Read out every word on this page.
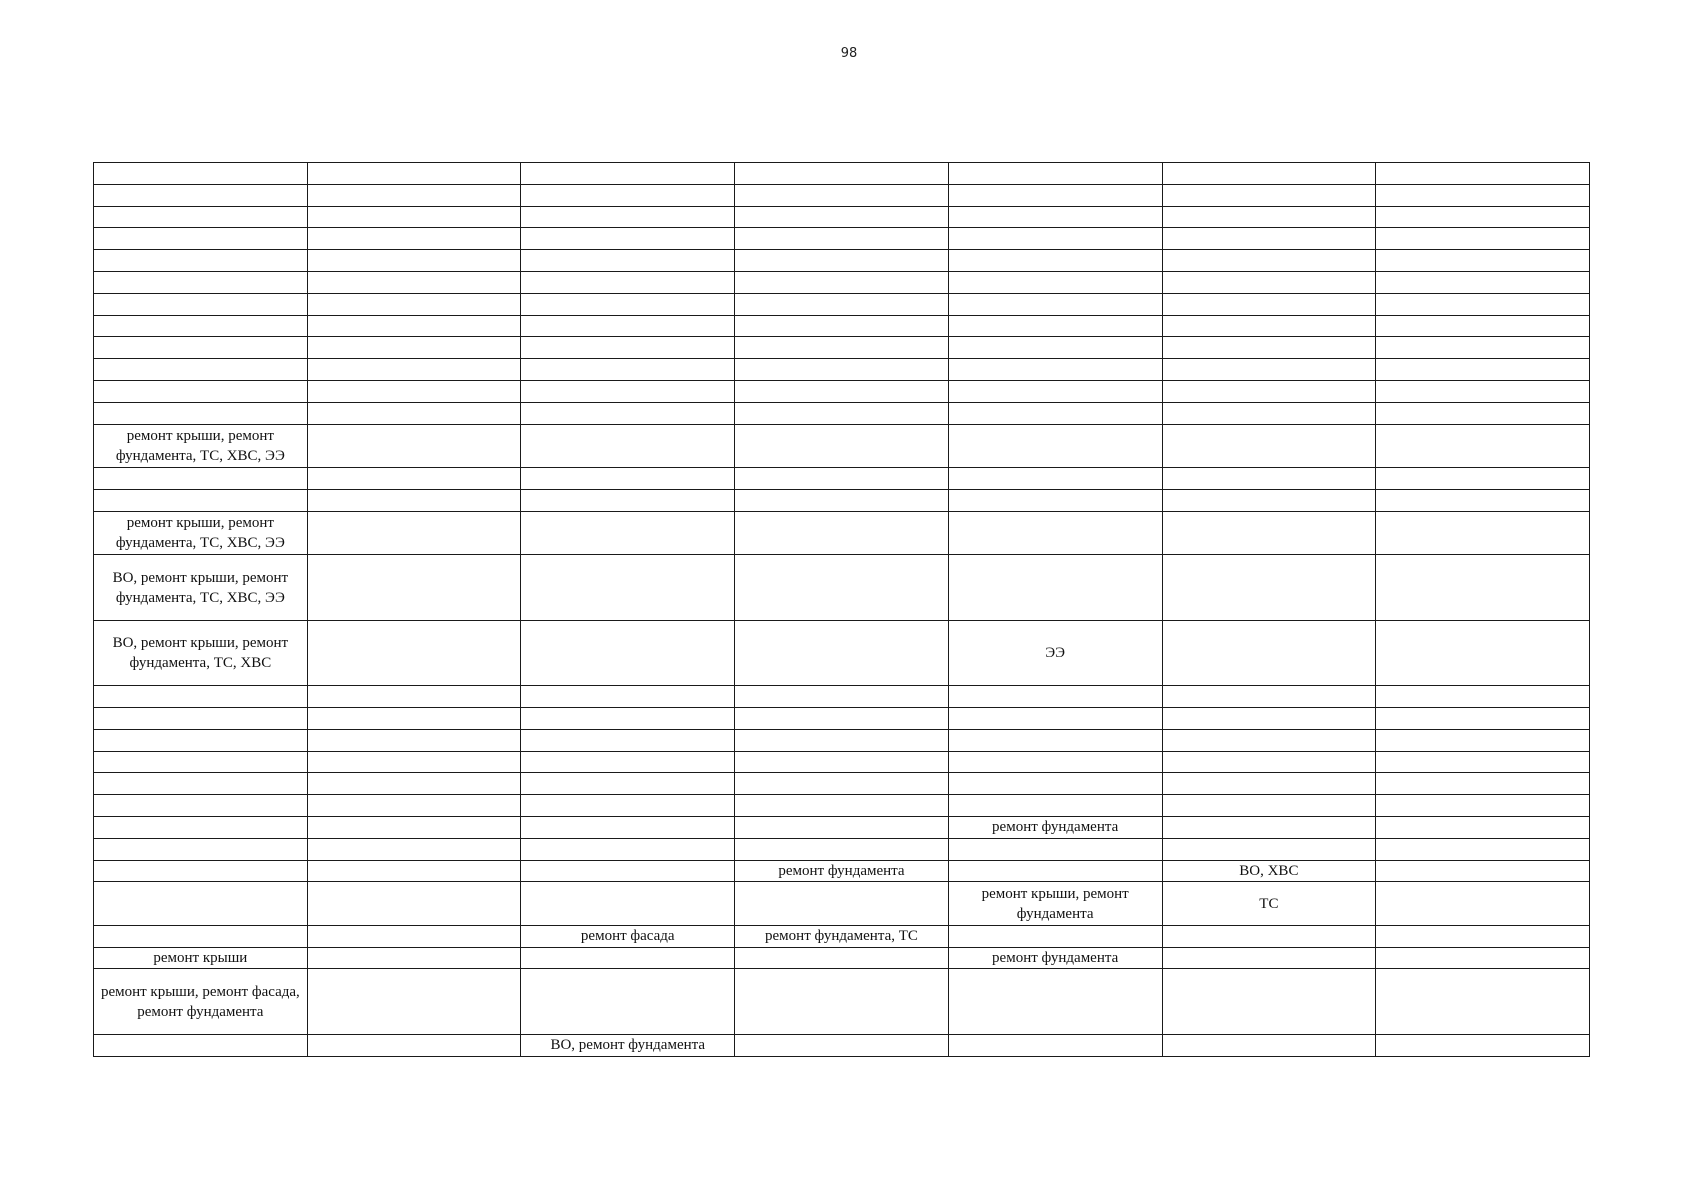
98

ремонт крыши, ремонт фундамента, ТС, ХВС, ЭЭ						

ремонт крыши, ремонт фундамента, ТС, ХВС, ЭЭ						
ВО, ремонт крыши, ремонт фундамента, ТС, ХВС, ЭЭ						
ВО, ремонт крыши, ремонт фундамента, ТС, ХВС				ЭЭ		

				ремонт фундамента		

			ремонт фундамента		ВО, ХВС	
				ремонт крыши, ремонт фундамента	ТС	
		ремонт фасада	ремонт фундамента, ТС			
ремонт крыши				ремонт фундамента		
ремонт крыши, ремонт фасада, ремонт фундамента						
		ВО, ремонт фундамента				
